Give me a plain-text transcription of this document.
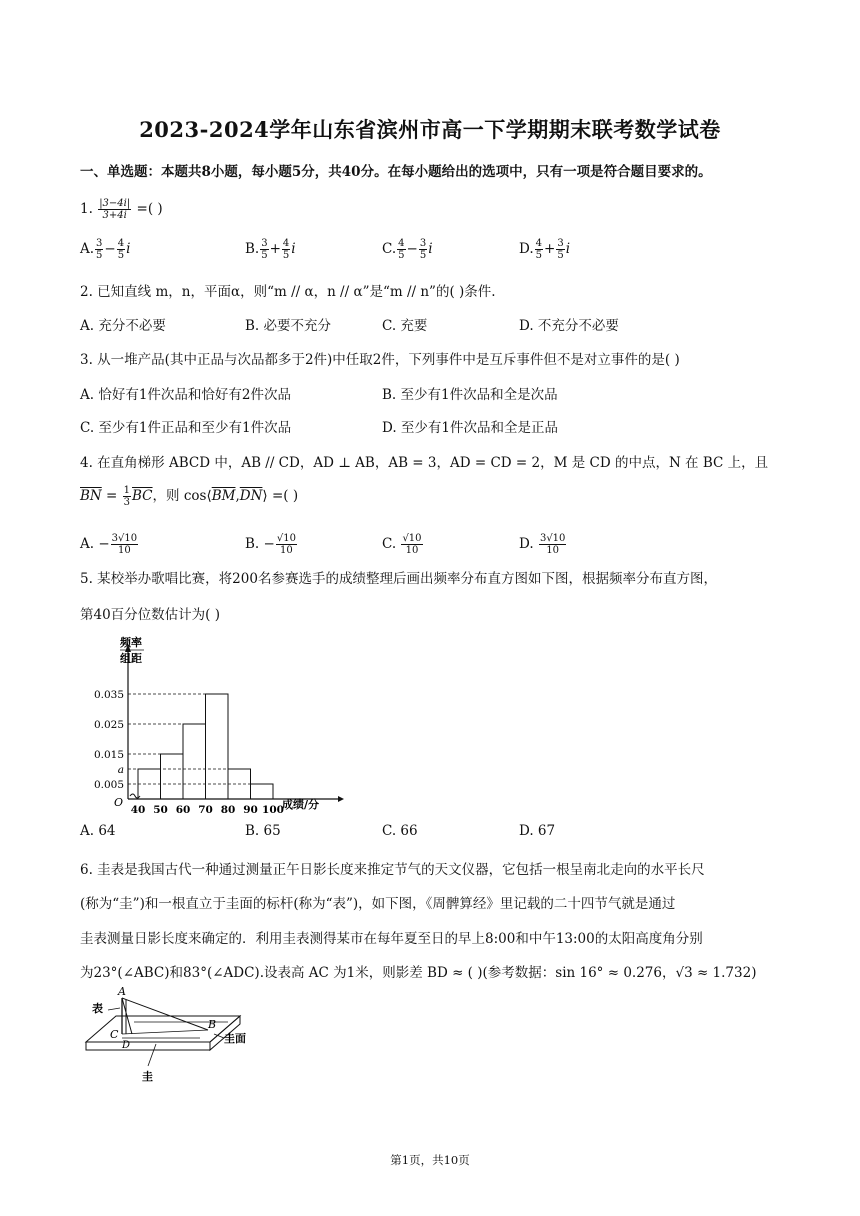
2023-2024学年山东省滨州市高一下学期期末联考数学试卷
一、单选题：本题共8小题，每小题5分，共40分。在每小题给出的选项中，只有一项是符合题目要求的。
1. $\frac{|3-4i|}{3+4i}$ =( )
A. $\frac{3}{5} - \frac{4}{5}$ i	B. $\frac{3}{5} + \frac{4}{5}$ i	C. $\frac{4}{5} - \frac{3}{5}$ i	D. $\frac{4}{5} + \frac{3}{5}$ i
2. 已知直线 m，n，平面α，则“m // α，n // α”是“m // n”的( )条件.
A. 充分不必要	B. 必要不充分	C. 充要	D. 不充分不必要
3. 从一堆产品(其中正品与次品都多于2件)中任取2件，下列事件中是互斥事件但不是对立事件的是( )
A. 恰好有1件次品和恰好有2件次品	B. 至少有1件次品和全是次品
C. 至少有1件正品和至少有1件次品	D. 至少有1件次品和全是正品
4. 在直角梯形 ABCD 中，AB // CD，AD ⊥ AB，AB = 3，AD = CD = 2，M 是 CD 的中点，N 在 BC 上，且
$\overline{BN} = \frac{1}{3} \overline{BC}$，则 $\cos⟨\overline{BM},\overline{DN}⟩$ =( )
A. − $\frac{3√10}{10}$	B. − $\frac{√10}{10}$	C. $\frac{√10}{10}$	D. $\frac{3√10}{10}$
5. 某校举办歌唱比赛，将200名参赛选手的成绩整理后画出频率分布直方图如下图，根据频率分布直方图，
第40百分位数估计为( )
频率
组距
成绩/分
O
0.035
0.025
0.015
a
0.005
40 50 60 70 80 90 100
A. 64	B. 65	C. 66	D. 67
6. 圭表是我国古代一种通过测量正午日影长度来推定节气的天文仪器，它包括一根呈南北走向的水平长尺
(称为“圭”)和一根直立于圭面的标杆(称为“表”)，如下图，《周髀算经》里记载的二十四节气就是通过
圭表测量日影长度来确定的．利用圭表测得某市在每年夏至日的早上8:00和中午13:00的太阳高度角分别
为23°(∠ABC)和83°(∠ADC).设表高 AC 为1米，则影差 BD ≈ ( )(参考数据：sin 16° ≈ 0.276，√3 ≈ 1.732)
A
B
C
D
表
圭面
圭
第1页，共10页
